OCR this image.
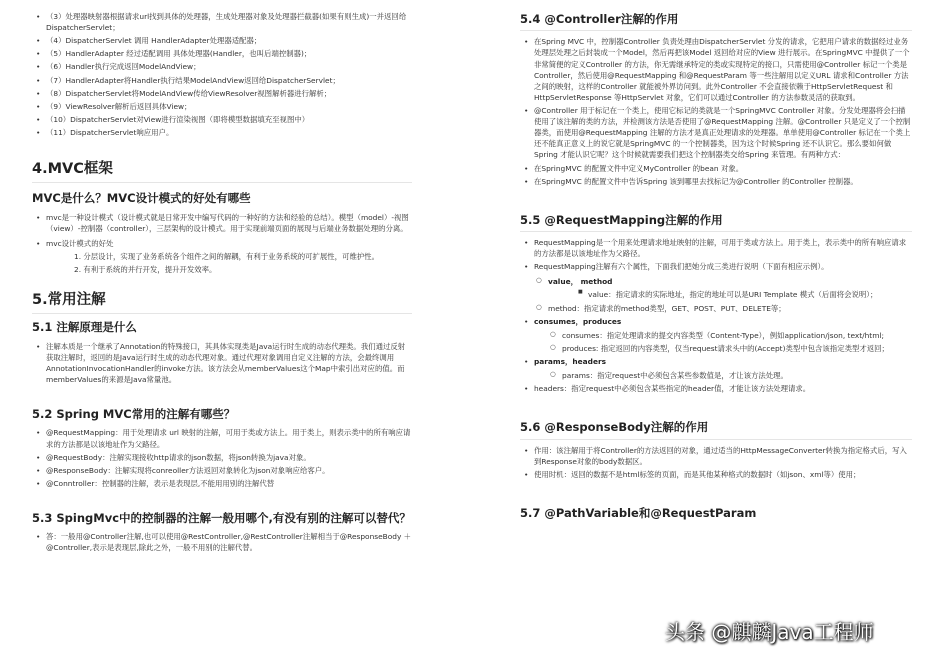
• （3）处理器映射器根据请求url找到具体的处理器，生成处理器对象及处理器拦截器(如果有则生成)一并返回给DispatcherServlet；
• （4）DispatcherServlet 调用 HandlerAdapter处理器适配器；
• （5）HandlerAdapter 经过适配调用 具体处理器(Handler，也叫后端控制器)；
• （6）Handler执行完成返回ModelAndView；
• （7）HandlerAdapter将Handler执行结果ModelAndView返回给DispatcherServlet；
• （8）DispatcherServlet将ModelAndView传给ViewResolver视图解析器进行解析；
• （9）ViewResolver解析后返回具体View；
• （10）DispatcherServlet对View进行渲染视图（即将模型数据填充至视图中）
• （11）DispatcherServlet响应用户。
4.MVC框架
MVC是什么？MVC设计模式的好处有哪些
• mvc是一种设计模式（设计模式就是日常开发中编写代码的一种好的方法和经验的总结）。模型（model）-视图（view）-控制器（controller），三层架构的设计模式。用于实现前端页面的展现与后端业务数据处理的分离。
• mvc设计模式的好处
1. 分层设计，实现了业务系统各个组件之间的解耦，有利于业务系统的可扩展性，可维护性。
2. 有利于系统的并行开发，提升开发效率。
5.常用注解
5.1 注解原理是什么
• 注解本质是一个继承了Annotation的特殊接口，其具体实现类是Java运行时生成的动态代理类。我们通过反射获取注解时，返回的是Java运行时生成的动态代理对象。通过代理对象调用自定义注解的方法，会最终调用AnnotationInvocationHandler的invoke方法。该方法会从memberValues这个Map中索引出对应的值。而memberValues的来源是Java常量池。
5.2 Spring MVC常用的注解有哪些？
• @RequestMapping：用于处理请求 url 映射的注解，可用于类或方法上。用于类上，则表示类中的所有响应请求的方法都是以该地址作为父路径。
• @RequestBody：注解实现接收http请求的json数据，将json转换为java对象。
• @ResponseBody：注解实现将conreoller方法返回对象转化为json对象响应给客户。
• @Conntroller：控制器的注解，表示是表现层,不能用用别的注解代替
5.3 SpingMvc中的控制器的注解一般用哪个,有没有别的注解可以替代？
• 答：一般用@Controller注解,也可以使用@RestController,@RestController注解相当于@ResponseBody ＋ @Controller,表示是表现层,除此之外，一般不用别的注解代替。
5.4 @Controller注解的作用
• 在Spring MVC 中，控制器Controller 负责处理由DispatcherServlet 分发的请求，它把用户请求的数据经过业务处理层处理之后封装成一个Model，然后再把该Model 返回给对应的View 进行展示。在SpringMVC 中提供了一个非常简便的定义Controller 的方法，你无需继承特定的类或实现特定的接口，只需使用@Controller 标记一个类是Controller，然后使用@RequestMapping 和@RequestParam 等一些注解用以定义URL 请求和Controller 方法之间的映射，这样的Controller 就能被外界访问到。此外Controller 不会直接依赖于HttpServletRequest 和HttpServletResponse 等HttpServlet 对象，它们可以通过Controller 的方法参数灵活的获取到。
• @Controller 用于标记在一个类上，使用它标记的类就是一个SpringMVC Controller 对象。分发处理器将会扫描使用了该注解的类的方法，并检测该方法是否使用了@RequestMapping 注解。@Controller 只是定义了一个控制器类，而使用@RequestMapping 注解的方法才是真正处理请求的处理器。单单使用@Controller 标记在一个类上还不能真正意义上的说它就是SpringMVC 的一个控制器类，因为这个时候Spring 还不认识它。那么要如何做Spring 才能认识它呢？这个时候就需要我们把这个控制器类交给Spring 来管理。有两种方式：
• 在SpringMVC 的配置文件中定义MyController 的bean 对象。
• 在SpringMVC 的配置文件中告诉Spring 该到哪里去找标记为@Controller 的Controller 控制器。
5.5 @RequestMapping注解的作用
• RequestMapping是一个用来处理请求地址映射的注解，可用于类或方法上。用于类上，表示类中的所有响应请求的方法都是以该地址作为父路径。
• RequestMapping注解有六个属性，下面我们把她分成三类进行说明（下面有相应示例）。
○ value， method
■ value：指定请求的实际地址，指定的地址可以是URI Template 模式（后面将会说明）；
○ method：指定请求的method类型，GET、POST、PUT、DELETE等；
• consumes，produces
○ consumes：指定处理请求的提交内容类型（Content-Type），例如application/json, text/html;
○ produces: 指定返回的内容类型，仅当request请求头中的(Accept)类型中包含该指定类型才返回；
• params，headers
○ params：指定request中必须包含某些参数值是，才让该方法处理。
• headers：指定request中必须包含某些指定的header值，才能让该方法处理请求。
5.6 @ResponseBody注解的作用
• 作用：该注解用于将Controller的方法返回的对象，通过适当的HttpMessageConverter转换为指定格式后，写入到Response对象的body数据区。
• 使用时机：返回的数据不是html标签的页面，而是其他某种格式的数据时（如json、xml等）使用；
5.7 @PathVariable和@RequestParam
头条 @麒麟Java工程师
